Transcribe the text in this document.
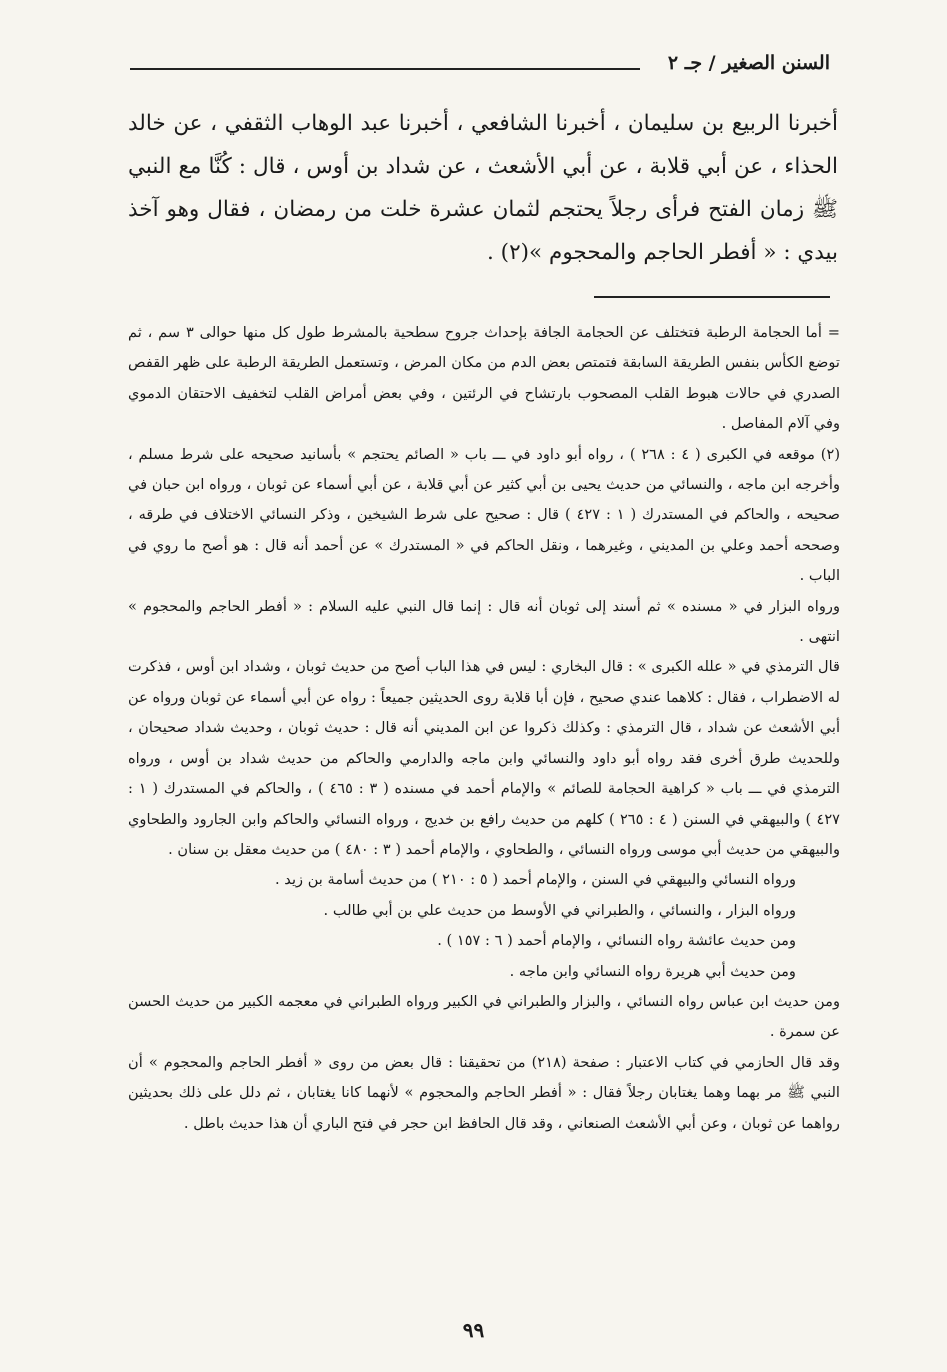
السنن الصغير / جـ ٢

أخبرنا الربيع بن سليمان ، أخبرنا الشافعي ، أخبرنا عبد الوهاب الثقفي ، عن خالد الحذاء ، عن أبي قلابة ، عن أبي الأشعث ، عن شداد بن أوس ، قال : كُنَّا مع النبي ﷺ زمان الفتح فرأى رجلاً يحتجم لثمان عشرة خلت من رمضان ، فقال وهو آخذ بيدي : « أفطر الحاجم والمحجوم »(٢) .

= أما الحجامة الرطبة فتختلف عن الحجامة الجافة بإحداث جروح سطحية بالمشرط طول كل منها حوالى ٣ سم ، ثم توضع الكأس بنفس الطريقة السابقة فتمتص بعض الدم من مكان المرض ، وتستعمل الطريقة الرطبة على ظهر القفص الصدري في حالات هبوط القلب المصحوب بارتشاح في الرئتين ، وفي بعض أمراض القلب لتخفيف الاحتقان الدموي وفي آلام المفاصل .

(٢) موقعه في الكبرى ( ٤ : ٢٦٨ ) ، رواه أبو داود في ـــ باب « الصائم يحتجم » بأسانيد صحيحه على شرط مسلم ، وأخرجه ابن ماجه ، والنسائي من حديث يحيى بن أبي كثير عن أبي قلابة ، عن أبي أسماء عن ثوبان ، ورواه ابن حبان في صحيحه ، والحاكم في المستدرك ( ١ : ٤٢٧ ) قال : صحيح على شرط الشيخين ، وذكر النسائي الاختلاف في طرقه ، وصححه أحمد وعلي بن المديني ، وغيرهما ، ونقل الحاكم في « المستدرك » عن أحمد أنه قال : هو أصح ما روي في الباب .

ورواه البزار في « مسنده » ثم أسند إلى ثوبان أنه قال : إنما قال النبي عليه السلام : « أفطر الحاجم والمحجوم » انتهى .

قال الترمذي في « علله الكبرى » : قال البخاري : ليس في هذا الباب أصح من حديث ثوبان ، وشداد ابن أوس ، فذكرت له الاضطراب ، فقال : كلاهما عندي صحيح ، فإن أبا قلابة روى الحديثين جميعاً : رواه عن أبي أسماء عن ثوبان ورواه عن أبي الأشعث عن شداد ، قال الترمذي : وكذلك ذكروا عن ابن المديني أنه قال : حديث ثوبان ، وحديث شداد صحيحان ، وللحديث طرق أخرى فقد رواه أبو داود والنسائي وابن ماجه والدارمي والحاكم من حديث شداد بن أوس ، ورواه الترمذي في ـــ باب « كراهية الحجامة للصائم » والإمام أحمد في مسنده ( ٣ : ٤٦٥ ) ، والحاكم في المستدرك ( ١ : ٤٢٧ ) والبيهقي في السنن ( ٤ : ٢٦٥ ) كلهم من حديث رافع بن خديج ، ورواه النسائي والحاكم وابن الجارود والطحاوي والبيهقي من حديث أبي موسى ورواه النسائي ، والطحاوي ، والإمام أحمد ( ٣ : ٤٨٠ ) من حديث معقل بن سنان .

ورواه النسائي والبيهقي في السنن ، والإمام أحمد ( ٥ : ٢١٠ ) من حديث أسامة بن زيد .

ورواه البزار ، والنسائي ، والطبراني في الأوسط من حديث علي بن أبي طالب .

ومن حديث عائشة رواه النسائي ، والإمام أحمد ( ٦ : ١٥٧ ) .

ومن حديث أبي هريرة رواه النسائي وابن ماجه .

ومن حديث ابن عباس رواه النسائي ، والبزار والطبراني في الكبير ورواه الطبراني في معجمه الكبير من حديث الحسن عن سمرة .

وقد قال الحازمي في كتاب الاعتبار : صفحة (٢١٨) من تحقيقنا : قال بعض من روى « أفطر الحاجم والمحجوم » أن النبي ﷺ مر بهما وهما يغتابان رجلاً فقال : « أفطر الحاجم والمحجوم » لأنهما كانا يغتابان ، ثم دلل على ذلك بحديثين رواهما عن ثوبان ، وعن أبي الأشعث الصنعاني ، وقد قال الحافظ ابن حجر في فتح الباري أن هذا حديث باطل .

٩٩
